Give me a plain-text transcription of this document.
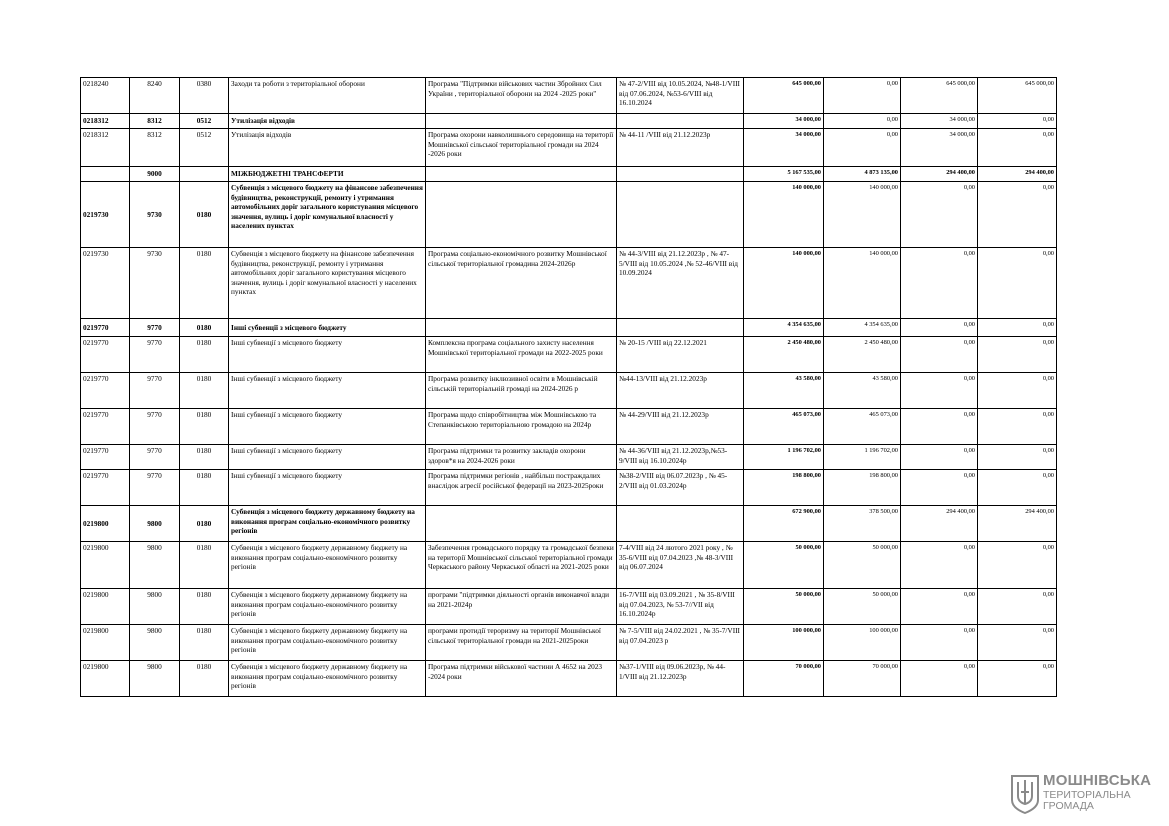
0218240	8240	0380	Заходи та роботи з територіальної оборони	Програма "Підтримки військових частин Збройних Сил України , територіальної оборони на 2024 -2025 роки"	№ 47-2/VIII від 10.05.2024, №48-1/VIII від 07.06.2024, №53-6/VIII від 16.10.2024	645 000,00	0,00	645 000,00	645 000,00
0218312	8312	0512	Утилізація відходів			34 000,00	0,00	34 000,00	0,00
0218312	8312	0512	Утилізація відходів	Програма охорони навколишнього середовища на території Мошнівської сільської територіальної громади на 2024 -2026 роки	№ 44-11 /VIII від 21.12.2023р	34 000,00	0,00	34 000,00	0,00
	9000		МІЖБЮДЖЕТНІ ТРАНСФЕРТИ			5 167 535,00	4 873 135,00	294 400,00	294 400,00
0219730	9730	0180	Субвенція з місцевого бюджету на фінансове забезпечення будівництва, реконструкції, ремонту і утримання автомобільних доріг загального користування місцевого значення, вулиць і доріг комунальної власності у населених пунктах			140 000,00	140 000,00	0,00	0,00
0219730	9730	0180	Субвенція з місцевого бюджету на фінансове забезпечення будівництва, реконструкції, ремонту і утримання автомобільних доріг загального користування місцевого значення, вулиць і доріг комунальної власності у населених пунктах	Програма соціально-економічного розвитку Мошнівської сільської територіальної громадина 2024-2026р	№ 44-3/VIII від 21.12.2023р , № 47-5/VIII від 10.05.2024 ,№ 52-46/VIII від 10.09.2024	140 000,00	140 000,00	0,00	0,00
0219770	9770	0180	Інші субвенції з місцевого бюджету			4 354 635,00	4 354 635,00	0,00	0,00
0219770	9770	0180	Інші субвенції з місцевого бюджету	Комплексна програма соціального захисту населення Мошнівської територіальної громади на 2022-2025 роки	№ 20-15 /VIII від 22.12.2021	2 450 480,00	2 450 480,00	0,00	0,00
0219770	9770	0180	Інші субвенції з місцевого бюджету	Програма розвитку інклюзивної освіти в Мошнівській сільській територіальній громаді на 2024-2026 р	№44-13/VIII від 21.12.2023р	43 580,00	43 580,00	0,00	0,00
0219770	9770	0180	Інші субвенції з місцевого бюджету	Програма щодо співробітництва між Мошнівською та Степанківською територіальною громадою на 2024р	№ 44-29/VIII від 21.12.2023р	465 073,00	465 073,00	0,00	0,00
0219770	9770	0180	Інші субвенції з місцевого бюджету	Програма підтримки та розвитку закладів охорони здоров*я на 2024-2026 роки	№ 44-36/VIII від 21.12.2023р,№53-9/VIII від 16.10.2024р	1 196 702,00	1 196 702,00	0,00	0,00
0219770	9770	0180	Інші субвенції з місцевого бюджету	Програма підтримки регіонів , найбільш постраждалих внаслідок агресії російської федерації на 2023-2025роки	№38-2/VIII від 06.07.2023р , № 45-2/VIII від 01.03.2024р	198 800,00	198 800,00	0,00	0,00
0219800	9800	0180	Субвенція з місцевого бюджету державному бюджету на виконання програм соціально-економічного розвитку регіонів			672 900,00	378 500,00	294 400,00	294 400,00
0219800	9800	0180	Субвенція з місцевого бюджету державному бюджету на виконання програм соціально-економічного розвитку регіонів	Забезпечення громадського порядку та громадської безпеки на території Мошнівської сільської територіальної громади Черкаського району Черкаської області на 2021-2025 роки	7-4/VIII від 24 лютого 2021 року , № 35-6/VIII від 07.04.2023 ,№ 48-3/VIII від 06.07.2024	50 000,00	50 000,00	0,00	0,00
0219800	9800	0180	Субвенція з місцевого бюджету державному бюджету на виконання програм соціально-економічного розвитку регіонів	програми "підтримки діяльності органів виконавчої влади на 2021-2024р	16-7/VIII від 03.09.2021 , № 35-8/VIII від 07.04.2023, № 53-7//VII від 16.10.2024р	50 000,00	50 000,00	0,00	0,00
0219800	9800	0180	Субвенція з місцевого бюджету державному бюджету на виконання програм соціально-економічного розвитку регіонів	програми протидії тероризму на території Мошнівської сільської територіальної громади на 2021-2025роки	№ 7-5/VIII від 24.02.2021 , № 35-7/VIII від 07.04.2023 р	100 000,00	100 000,00	0,00	0,00
0219800	9800	0180	Субвенція з місцевого бюджету державному бюджету на виконання програм соціально-економічного розвитку регіонів	Програма підтримки військової частини А 4652 на 2023 -2024 роки	№37-1/VIII від 09.06.2023р, № 44-1/VIII від 21.12.2023р	70 000,00	70 000,00	0,00	0,00
МОШНІВСЬКА
ТЕРИТОРІАЛЬНА
ГРОМАДА
